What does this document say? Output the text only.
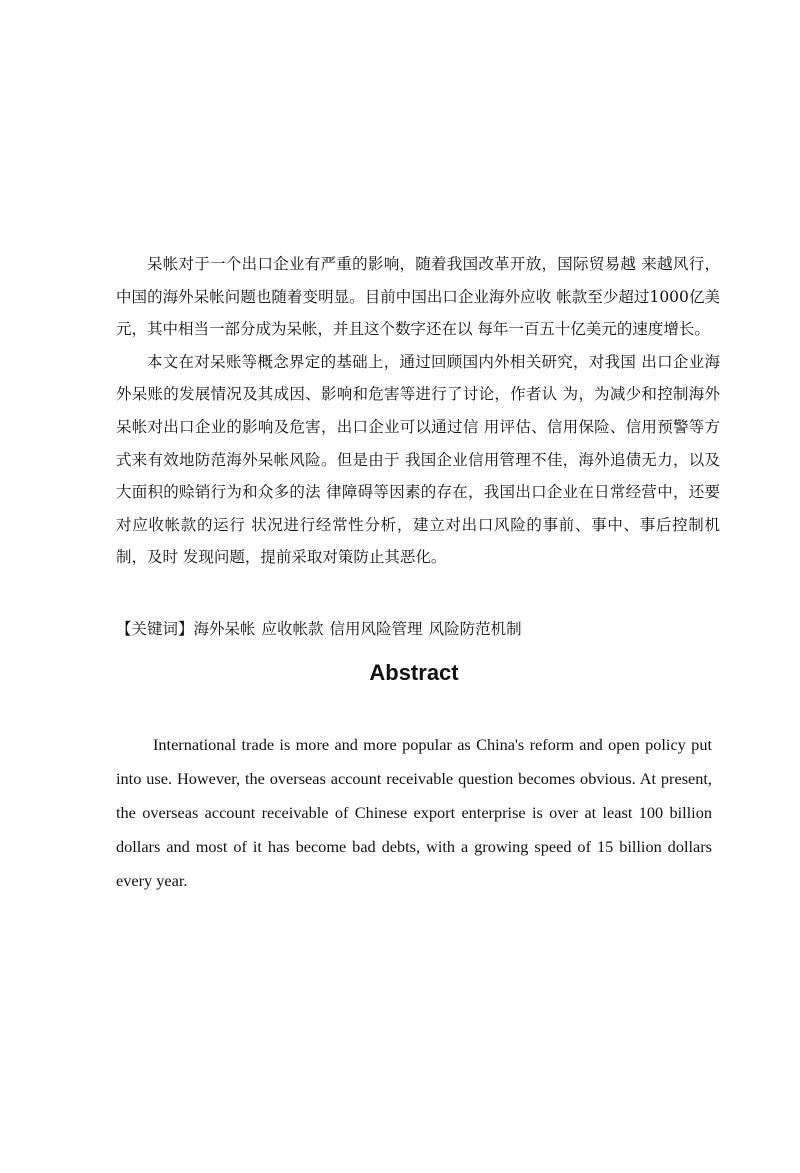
呆帐对于一个出口企业有严重的影响，随着我国改革开放，国际贸易越 来越风行，中国的海外呆帐问题也随着变明显。目前中国出口企业海外应收 帐款至少超过1000亿美元，其中相当一部分成为呆帐，并且这个数字还在以 每年一百五十亿美元的速度增长。

本文在对呆账等概念界定的基础上，通过回顾国内外相关研究，对我国 出口企业海外呆账的发展情况及其成因、影响和危害等进行了讨论，作者认 为，为减少和控制海外呆帐对出口企业的影响及危害，出口企业可以通过信 用评估、信用保险、信用预警等方式来有效地防范海外呆帐风险。但是由于 我国企业信用管理不佳，海外追债无力，以及大面积的赊销行为和众多的法 律障碍等因素的存在，我国出口企业在日常经营中，还要对应收帐款的运行 状况进行经常性分析，建立对出口风险的事前、事中、事后控制机制，及时 发现问题，提前采取对策防止其恶化。

【关键词】海外呆帐 应收帐款 信用风险管理 风险防范机制
Abstract

International trade is more and more popular as China's reform and open policy put into use. However, the overseas account receivable question becomes obvious. At present, the overseas account receivable of Chinese export enterprise is over at least 100 billion dollars and most of it has become bad debts, with a growing speed of 15 billion dollars every year.
